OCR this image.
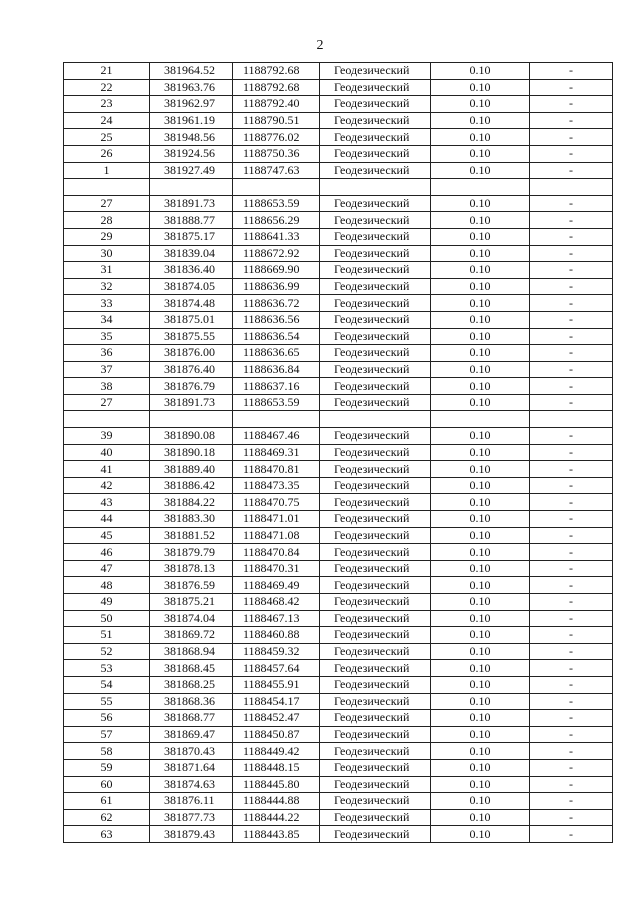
2
21	381964.52	1188792.68	Геодезический	0.10	-
22	381963.76	1188792.68	Геодезический	0.10	-
23	381962.97	1188792.40	Геодезический	0.10	-
24	381961.19	1188790.51	Геодезический	0.10	-
25	381948.56	1188776.02	Геодезический	0.10	-
26	381924.56	1188750.36	Геодезический	0.10	-
1	381927.49	1188747.63	Геодезический	0.10	-

27	381891.73	1188653.59	Геодезический	0.10	-
28	381888.77	1188656.29	Геодезический	0.10	-
29	381875.17	1188641.33	Геодезический	0.10	-
30	381839.04	1188672.92	Геодезический	0.10	-
31	381836.40	1188669.90	Геодезический	0.10	-
32	381874.05	1188636.99	Геодезический	0.10	-
33	381874.48	1188636.72	Геодезический	0.10	-
34	381875.01	1188636.56	Геодезический	0.10	-
35	381875.55	1188636.54	Геодезический	0.10	-
36	381876.00	1188636.65	Геодезический	0.10	-
37	381876.40	1188636.84	Геодезический	0.10	-
38	381876.79	1188637.16	Геодезический	0.10	-
27	381891.73	1188653.59	Геодезический	0.10	-

39	381890.08	1188467.46	Геодезический	0.10	-
40	381890.18	1188469.31	Геодезический	0.10	-
41	381889.40	1188470.81	Геодезический	0.10	-
42	381886.42	1188473.35	Геодезический	0.10	-
43	381884.22	1188470.75	Геодезический	0.10	-
44	381883.30	1188471.01	Геодезический	0.10	-
45	381881.52	1188471.08	Геодезический	0.10	-
46	381879.79	1188470.84	Геодезический	0.10	-
47	381878.13	1188470.31	Геодезический	0.10	-
48	381876.59	1188469.49	Геодезический	0.10	-
49	381875.21	1188468.42	Геодезический	0.10	-
50	381874.04	1188467.13	Геодезический	0.10	-
51	381869.72	1188460.88	Геодезический	0.10	-
52	381868.94	1188459.32	Геодезический	0.10	-
53	381868.45	1188457.64	Геодезический	0.10	-
54	381868.25	1188455.91	Геодезический	0.10	-
55	381868.36	1188454.17	Геодезический	0.10	-
56	381868.77	1188452.47	Геодезический	0.10	-
57	381869.47	1188450.87	Геодезический	0.10	-
58	381870.43	1188449.42	Геодезический	0.10	-
59	381871.64	1188448.15	Геодезический	0.10	-
60	381874.63	1188445.80	Геодезический	0.10	-
61	381876.11	1188444.88	Геодезический	0.10	-
62	381877.73	1188444.22	Геодезический	0.10	-
63	381879.43	1188443.85	Геодезический	0.10	-
